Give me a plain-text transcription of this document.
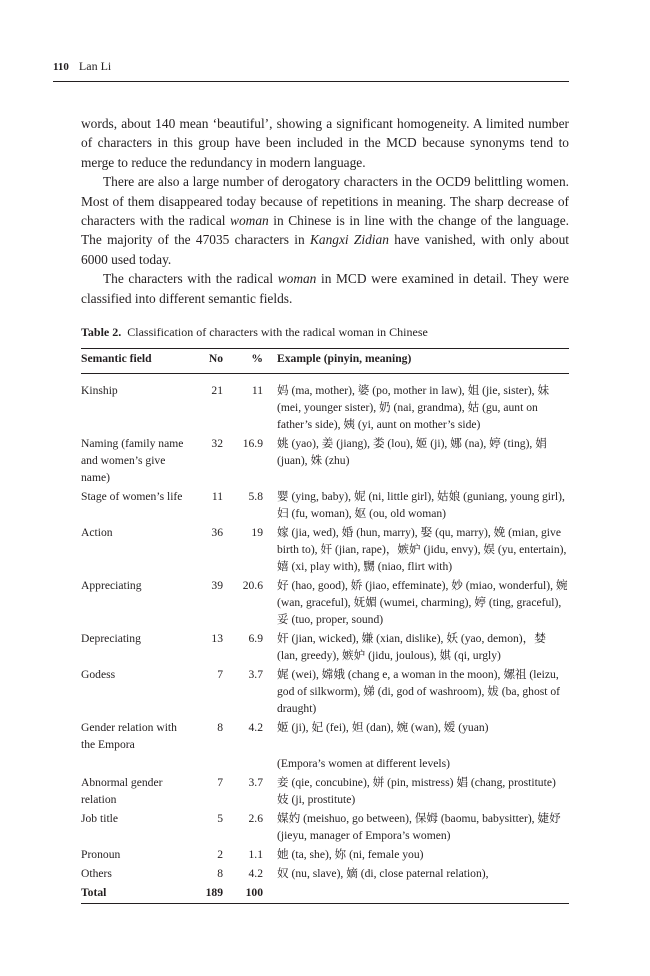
110 Lan Li

words, about 140 mean ‘beautiful’, showing a significant homogeneity. A limited number of characters in this group have been included in the MCD because synonyms tend to merge to reduce the redundancy in modern language.

There are also a large number of derogatory characters in the OCD9 belittling women. Most of them disappeared today because of repetitions in meaning. The sharp decrease of characters with the radical woman in Chinese is in line with the change of the language. The majority of the 47035 characters in Kangxi Zidian have vanished, with only about 6000 used today.

The characters with the radical woman in MCD were examined in detail. They were classified into different semantic fields.

Table 2. Classification of characters with the radical woman in Chinese
Semantic field	No	%	Example (pinyin, meaning)
Kinship	21	11	妈 (ma, mother), 婆 (po, mother in law), 姐 (jie, sister), 妹 (mei, younger sister), 奶 (nai, grandma), 姑 (gu, aunt on father’s side), 姨 (yi, aunt on mother’s side)
Naming (family name and women’s give name)	32	16.9	姚 (yao), 姜 (jiang), 娄 (lou), 姬 (ji), 娜 (na), 婷 (ting), 娟 (juan), 姝 (zhu)
Stage of women’s life	11	5.8	婴 (ying, baby), 妮 (ni, little girl), 姑娘 (guniang, young girl), 妇 (fu, woman), 妪 (ou, old woman)
Action	36	19	嫁 (jia, wed), 婚 (hun, marry), 娶 (qu, marry), 娩 (mian, give birth to), 奸 (jian, rape)，嫉妒 (jidu, envy), 娱 (yu, entertain), 嬉 (xi, play with), 嬲 (niao, flirt with)
Appreciating	39	20.6	好 (hao, good), 娇 (jiao, effeminate), 妙 (miao, wonderful), 婉 (wan, graceful), 妩媚 (wumei, charming), 婷 (ting, graceful), 妥 (tuo, proper, sound)
Depreciating	13	6.9	奸 (jian, wicked), 嫌 (xian, dislike), 妖 (yao, demon)，婪 (lan, greedy), 嫉妒 (jidu, joulous), 娸 (qi, urgly)
Godess	7	3.7	娓 (wei), 嫦娥 (chang e, a woman in the moon), 嫘祖 (leizu, god of silkworm), 娣 (di, god of washroom), 妭 (ba, ghost of draught)
Gender relation with the Empora	8	4.2	姬 (ji), 妃 (fei), 妲 (dan), 婉 (wan), 嫒 (yuan)
			(Empora’s women at different levels)
Abnormal gender relation	7	3.7	妾 (qie, concubine), 姘 (pin, mistress) 娼 (chang, prostitute) 妓 (ji, prostitute)
Job title	5	2.6	媒妁 (meishuo, go between), 保姆 (baomu, babysitter), 婕妤 (jieyu, manager of Empora’s women)
Pronoun	2	1.1	她 (ta, she), 妳 (ni, female you)
Others	8	4.2	奴 (nu, slave), 嫡 (di, close paternal relation),
Total	189	100	
